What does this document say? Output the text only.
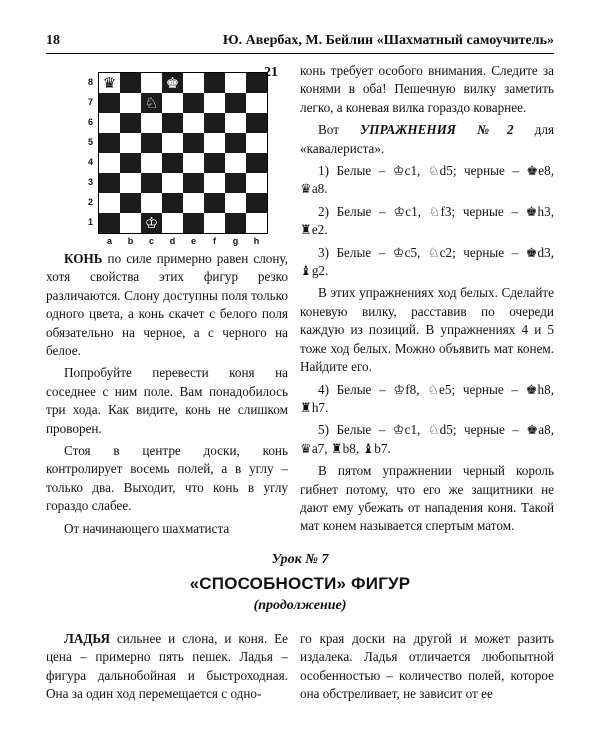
18	Ю. Авербах, М. Бейлин «Шахматный самоучитель»
8
7
6
5
4
3
2
1
♛	♚
♘
♔
a	b	c	d	e	f	g	h
21

КОНЬ по силе примерно равен слону, хотя свойства этих фигур резко различаются. Слону доступны поля только одного цвета, а конь скачет с белого поля обязательно на черное, а с черного на белое.

Попробуйте перевести коня на соседнее с ним поле. Вам понадобилось три хода. Как видите, конь не слишком проворен.

Стоя в центре доски, конь контролирует восемь полей, а в углу – только два. Выходит, что конь в углу гораздо слабее.

От начинающего шахматиста

конь требует особого внимания. Следите за конями в оба! Пешечную вилку заметить легко, а коневая вилка гораздо коварнее.

Вот УПРАЖНЕНИЯ №2 для «кавалериста».

1) Белые – ♔c1, ♘d5; черные – ♚e8, ♛a8.

2) Белые – ♔c1, ♘f3; черные – ♚h3, ♜e2.

3) Белые – ♔c5, ♘c2; черные – ♚d3, ♝g2.

В этих упражнениях ход белых. Сделайте коневую вилку, расставив по очереди каждую из позиций. В упражнениях 4 и 5 тоже ход белых. Можно объявить мат конем. Найдите его.

4) Белые – ♔f8, ♘e5; черные – ♚h8, ♜h7.

5) Белые – ♔c1, ♘d5; черные – ♚a8, ♛a7, ♜b8, ♝b7.

В пятом упражнении черный король гибнет потому, что его же защитники не дают ему убежать от нападения коня. Такой мат конем называется спертым матом.

Урок № 7
«СПОСОБНОСТИ» ФИГУР
(продолжение)

ЛАДЬЯ сильнее и слона, и коня. Ее цена – примерно пять пешек. Ладья – фигура дальнобойная и быстроходная. Она за один ход перемещается с одно-

го края доски на другой и может разить издалека. Ладья отличается любопытной особенностью – количество полей, которое она обстреливает, не зависит от ее
